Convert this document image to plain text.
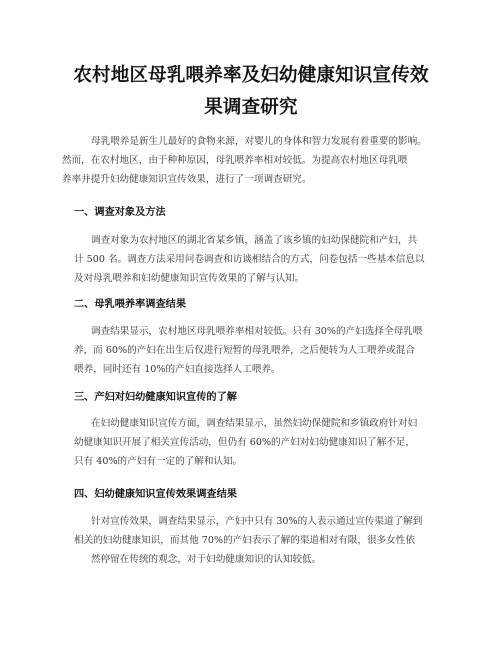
农村地区母乳喂养率及妇幼健康知识宣传效
果调查研究
母乳喂养是新生儿最好的食物来源，对婴儿的身体和智力发展有着重要的影响。
然而，在农村地区，由于种种原因，母乳喂养率相对较低。为提高农村地区母乳喂
养率并提升妇幼健康知识宣传效果，进行了一项调查研究。
一、调查对象及方法
调查对象为农村地区的湖北省某乡镇，涵盖了该乡镇的妇幼保健院和产妇，共
计 500 名。调查方法采用问卷调查和访谈相结合的方式，问卷包括一些基本信息以
及对母乳喂养和妇幼健康知识宣传效果的了解与认知。
二、母乳喂养率调查结果
调查结果显示，农村地区母乳喂养率相对较低。只有 30%的产妇选择全母乳喂
养，而 60%的产妇在出生后仅进行短暂的母乳喂养，之后便转为人工喂养或混合
喂养，同时还有 10%的产妇直接选择人工喂养。
三、产妇对妇幼健康知识宣传的了解
在妇幼健康知识宣传方面，调查结果显示，虽然妇幼保健院和乡镇政府针对妇
幼健康知识开展了相关宣传活动，但仍有 60%的产妇对妇幼健康知识了解不足，
只有 40%的产妇有一定的了解和认知。
四、妇幼健康知识宣传效果调查结果
针对宣传效果，调查结果显示，产妇中只有 30%的人表示通过宣传渠道了解到
相关的妇幼健康知识，而其他 70%的产妇表示了解的渠道相对有限，很多女性依
然停留在传统的观念，对于妇幼健康知识的认知较低。
